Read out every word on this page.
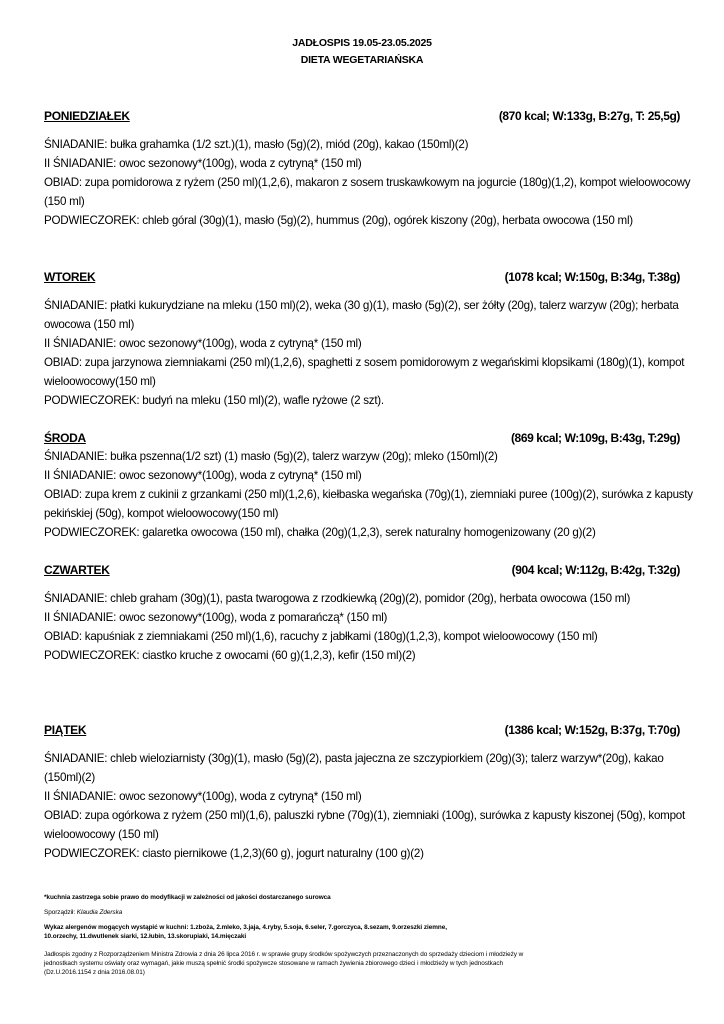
JADŁOSPIS 19.05-23.05.2025
DIETA WEGETARIAŃSKA
PONIEDZIAŁEK	(870 kcal; W:133g, B:27g, T: 25,5g)

ŚNIADANIE: bułka grahamka (1/2 szt.)(1), masło (5g)(2), miód (20g), kakao (150ml)(2)

II ŚNIADANIE: owoc sezonowy*(100g), woda z cytryną* (150 ml)

OBIAD: zupa pomidorowa z ryżem (250 ml)(1,2,6), makaron z sosem truskawkowym na jogurcie (180g)(1,2), kompot wieloowocowy (150 ml)

PODWIECZOREK: chleb góral (30g)(1), masło (5g)(2), hummus (20g), ogórek kiszony (20g), herbata owocowa (150 ml)

WTOREK	(1078 kcal; W:150g, B:34g, T:38g)

ŚNIADANIE: płatki kukurydziane na mleku (150 ml)(2), weka (30 g)(1), masło (5g)(2), ser żółty (20g), talerz warzyw (20g); herbata owocowa (150 ml)

II ŚNIADANIE: owoc sezonowy*(100g), woda z cytryną* (150 ml)

OBIAD: zupa jarzynowa ziemniakami (250 ml)(1,2,6), spaghetti z sosem pomidorowym z wegańskimi klopsikami (180g)(1), kompot wieloowocowy(150 ml)

PODWIECZOREK: budyń na mleku (150 ml)(2), wafle ryżowe (2 szt).

ŚRODA	(869 kcal; W:109g, B:43g, T:29g)

ŚNIADANIE: bułka pszenna(1/2 szt) (1) masło (5g)(2), talerz warzyw (20g); mleko (150ml)(2)

II ŚNIADANIE: owoc sezonowy*(100g), woda z cytryną* (150 ml)

OBIAD: zupa krem z cukinii z grzankami (250 ml)(1,2,6), kiełbaska wegańska (70g)(1), ziemniaki puree (100g)(2), surówka z kapusty pekińskiej (50g), kompot wieloowocowy(150 ml)

PODWIECZOREK: galaretka owocowa (150 ml), chałka (20g)(1,2,3), serek naturalny homogenizowany (20 g)(2)

CZWARTEK	(904 kcal; W:112g, B:42g, T:32g)

ŚNIADANIE: chleb graham (30g)(1), pasta twarogowa z rzodkiewką (20g)(2), pomidor (20g), herbata owocowa (150 ml)

II ŚNIADANIE: owoc sezonowy*(100g), woda z pomarańczą* (150 ml)

OBIAD: kapuśniak z ziemniakami (250 ml)(1,6), racuchy z jabłkami (180g)(1,2,3), kompot wieloowocowy (150 ml)

PODWIECZOREK: ciastko kruche z owocami (60 g)(1,2,3), kefir (150 ml)(2)

PIĄTEK	(1386 kcal; W:152g, B:37g, T:70g)

ŚNIADANIE: chleb wieloziarnisty (30g)(1), masło (5g)(2), pasta jajeczna ze szczypiorkiem (20g)(3); talerz warzyw*(20g), kakao (150ml)(2)

II ŚNIADANIE: owoc sezonowy*(100g), woda z cytryną* (150 ml)

OBIAD: zupa ogórkowa z ryżem (250 ml)(1,6), paluszki rybne (70g)(1), ziemniaki (100g), surówka z kapusty kiszonej (50g), kompot wieloowocowy (150 ml)

PODWIECZOREK: ciasto piernikowe (1,2,3)(60 g), jogurt naturalny (100 g)(2)

*kuchnia zastrzega sobie prawo do modyfikacji w zależności od jakości dostarczanego surowca
Sporządził: Klaudia Zderska
Wykaz alergenów mogących wystąpić w kuchni: 1.zboża, 2.mleko, 3.jaja, 4.ryby, 5.soja, 6.seler, 7.gorczyca, 8.sezam, 9.orzeszki ziemne,
10.orzechy, 11.dwutlenek siarki, 12.łubin, 13.skorupiaki, 14.mięczaki
Jadłospis zgodny z Rozporządzeniem Ministra Zdrowia z dnia 26 lipca 2016 r. w sprawie grupy środków spożywczych przeznaczonych do sprzedaży dzieciom i młodzieży w
jednostkach systemu oświaty oraz wymagań, jakie muszą spełnić środki spożywcze stosowane w ramach żywienia zbiorowego dzieci i młodzieży w tych jednostkach
(Dz.U.2016.1154 z dnia 2016.08.01)
